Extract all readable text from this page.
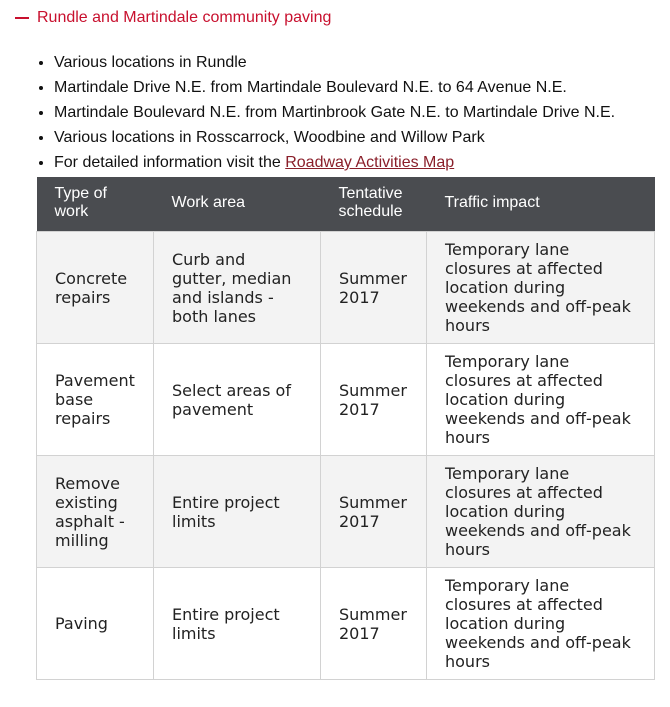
Rundle and Martindale community paving
• Various locations in Rundle
• Martindale Drive N.E. from Martindale Boulevard N.E. to 64 Avenue N.E.
• Martindale Boulevard N.E. from Martinbrook Gate N.E. to Martindale Drive N.E.
• Various locations in Rosscarrock, Woodbine and Willow Park
• For detailed information visit the Roadway Activities Map
Type of work	Work area	Tentative schedule	Traffic impact
Concrete repairs	Curb and gutter, median and islands - both lanes	Summer 2017	Temporary lane closures at affected location during weekends and off-peak hours
Pavement base repairs	Select areas of pavement	Summer 2017	Temporary lane closures at affected location during weekends and off-peak hours
Remove existing asphalt - milling	Entire project limits	Summer 2017	Temporary lane closures at affected location during weekends and off-peak hours
Paving	Entire project limits	Summer 2017	Temporary lane closures at affected location during weekends and off-peak hours
